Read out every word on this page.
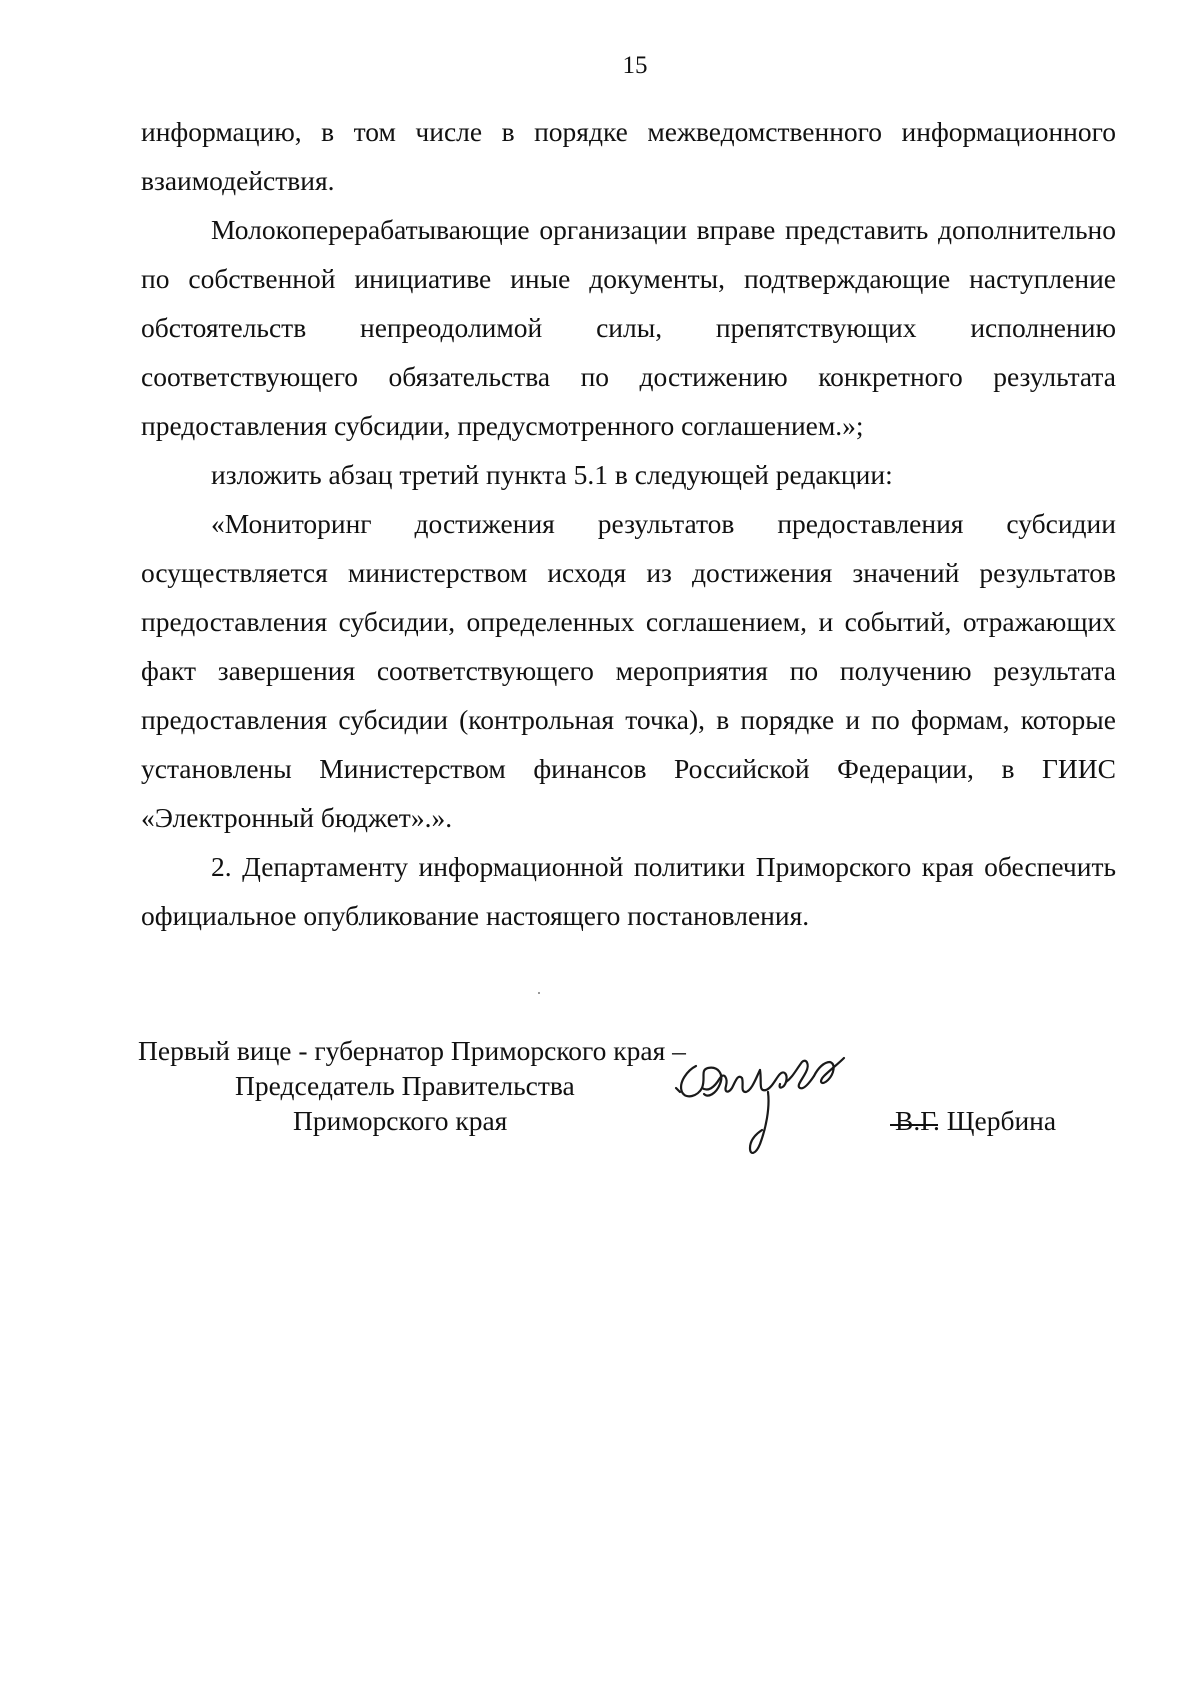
15

информацию, в том числе в порядке межведомственного информационного взаимодействия.

Молокоперерабатывающие организации вправе представить дополнительно по собственной инициативе иные документы, подтверждающие наступление обстоятельств непреодолимой силы, препятствующих исполнению соответствующего обязательства по достижению конкретного результата предоставления субсидии, предусмотренного соглашением.»;

изложить абзац третий пункта 5.1 в следующей редакции:

«Мониторинг достижения результатов предоставления субсидии осуществляется министерством исходя из достижения значений результатов предоставления субсидии, определенных соглашением, и событий, отражающих факт завершения соответствующего мероприятия по получению результата предоставления субсидии (контрольная точка), в порядке и по формам, которые установлены Министерством финансов Российской Федерации, в ГИИС «Электронный бюджет».».

2. Департаменту информационной политики Приморского края обеспечить официальное опубликование настоящего постановления.

Первый вице - губернатор Приморского края –
Председатель Правительства
Приморского края	В.Г. Щербина
